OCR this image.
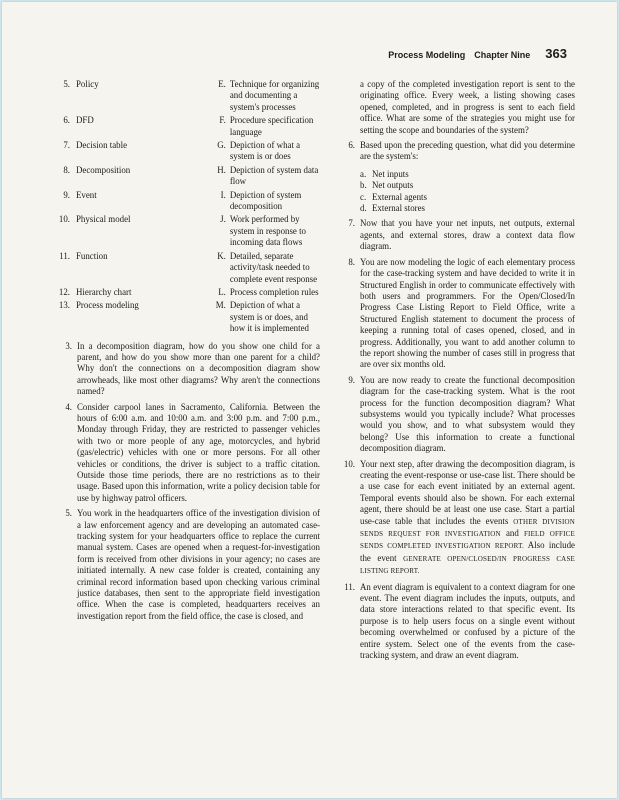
Process Modeling Chapter Nine 363
5. Policy	E. Technique for organizing and documenting a system's processes
6. DFD	F. Procedure specification language
7. Decision table	G. Depiction of what a system is or does
8. Decomposition	H. Depiction of system data flow
9. Event	I. Depiction of system decomposition
10. Physical model	J. Work performed by system in response to incoming data flows
11. Function	K. Detailed, separate activity/task needed to complete event response
12. Hierarchy chart	L. Process completion rules
13. Process modeling	M. Depiction of what a system is or does, and how it is implemented
3. In a decomposition diagram, how do you show one child for a parent, and how do you show more than one parent for a child? Why don't the connections on a decomposition diagram show arrowheads, like most other diagrams? Why aren't the connections named?
4. Consider carpool lanes in Sacramento, California. Between the hours of 6:00 a.m. and 10:00 a.m. and 3:00 p.m. and 7:00 p.m., Monday through Friday, they are restricted to passenger vehicles with two or more people of any age, motorcycles, and hybrid (gas/electric) vehicles with one or more persons. For all other vehicles or conditions, the driver is subject to a traffic citation. Outside those time periods, there are no restrictions as to their usage. Based upon this information, write a policy decision table for use by highway patrol officers.
5. You work in the headquarters office of the investigation division of a law enforcement agency and are developing an automated case-tracking system for your headquarters office to replace the current manual system. Cases are opened when a request-for-investigation form is received from other divisions in your agency; no cases are initiated internally. A new case folder is created, containing any criminal record information based upon checking various criminal justice databases, then sent to the appropriate field investigation office. When the case is completed, headquarters receives an investigation report from the field office, the case is closed, and
a copy of the completed investigation report is sent to the originating office. Every week, a listing showing cases opened, completed, and in progress is sent to each field office. What are some of the strategies you might use for setting the scope and boundaries of the system?
6. Based upon the preceding question, what did you determine are the system's:

a. Net inputs
b. Net outputs
c. External agents
d. External stores
7. Now that you have your net inputs, net outputs, external agents, and external stores, draw a context data flow diagram.
8. You are now modeling the logic of each elementary process for the case-tracking system and have decided to write it in Structured English in order to communicate effectively with both users and programmers. For the Open/Closed/In Progress Case Listing Report to Field Office, write a Structured English statement to document the process of keeping a running total of cases opened, closed, and in progress. Additionally, you want to add another column to the report showing the number of cases still in progress that are over six months old.
9. You are now ready to create the functional decomposition diagram for the case-tracking system. What is the root process for the function decomposition diagram? What subsystems would you typically include? What processes would you show, and to what subsystem would they belong? Use this information to create a functional decomposition diagram.
10. Your next step, after drawing the decomposition diagram, is creating the event-response or use-case list. There should be a use case for each event initiated by an external agent. Temporal events should also be shown. For each external agent, there should be at least one use case. Start a partial use-case table that includes the events OTHER DIVISION SENDS REQUEST FOR INVESTIGATION and FIELD OFFICE SENDS COMPLETED INVESTIGATION REPORT. Also include the event GENERATE OPEN/CLOSED/IN PROGRESS CASE LISTING REPORT.
11. An event diagram is equivalent to a context diagram for one event. The event diagram includes the inputs, outputs, and data store interactions related to that specific event. Its purpose is to help users focus on a single event without becoming overwhelmed or confused by a picture of the entire system. Select one of the events from the case-tracking system, and draw an event diagram.
